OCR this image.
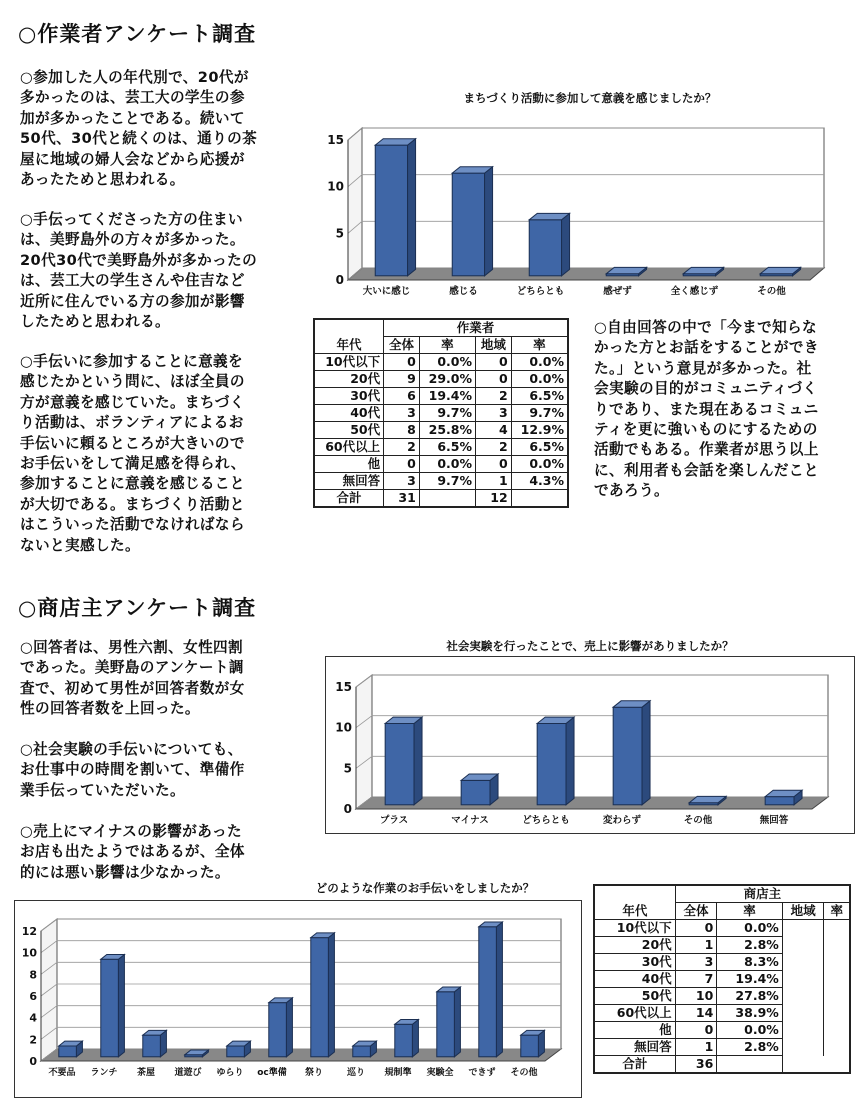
○作業者アンケート調査
○参加した人の年代別で、20代が
多かったのは、芸工大の学生の参
加が多かったことである。続いて
50代、30代と続くのは、通りの茶
屋に地域の婦人会などから応援が
あったためと思われる。
○手伝ってくださった方の住まい
は、美野島外の方々が多かった。
20代30代で美野島外が多かったの
は、芸工大の学生さんや住吉など
近所に住んでいる方の参加が影響
したためと思われる。
○手伝いに参加することに意義を
感じたかという問に、ほぼ全員の
方が意義を感じていた。まちづく
り活動は、ボランティアによるお
手伝いに頼るところが大きいので
お手伝いをして満足感を得られ、
参加することに意義を感じること
が大切である。まちづくり活動と
はこういった活動でなければなら
ないと実感した。
まちづくり活動に参加して意義を感じましたか？
0
5
10
15
大いに感じ	感じる	どちらとも	感ぜず	全く感じず	その他
年代	作業者			
	全体	率	地域	率
10代以下	0	0.0%	0	0.0%
20代	9	29.0%	0	0.0%
30代	6	19.4%	2	6.5%
40代	3	9.7%	3	9.7%
50代	8	25.8%	4	12.9%
60代以上	2	6.5%	2	6.5%
他	0	0.0%	0	0.0%
無回答	3	9.7%	1	4.3%
合計	31		12	
○自由回答の中で「今まで知らな
かった方とお話をすることができ
た。」という意見が多かった。社
会実験の目的がコミュニティづく
りであり、また現在あるコミュニ
ティを更に強いものにするための
活動でもある。作業者が思う以上
に、利用者も会話を楽しんだこと
であろう。
○商店主アンケート調査
○回答者は、男性六割、女性四割
であった。美野島のアンケート調
査で、初めて男性が回答者数が女
性の回答者数を上回った。
○社会実験の手伝いについても、
お仕事中の時間を割いて、準備作
業手伝っていただいた。
○売上にマイナスの影響があった
お店も出たようではあるが、全体
的には悪い影響は少なかった。
社会実験を行ったことで、売上に影響がありましたか？
0
5
10
15
プラス	マイナス	どちらとも	変わらず	その他	無回答
どのような作業のお手伝いをしましたか？
0
2
4
6
8
10
12
不要品 ランチ 茶屋 道遊び ゆらり oc準備 祭り	巡り 規制準 実験全 できず その他
年代	商店主			
	全体	率	地域	率
10代以下	0	0.0%		
20代	1	2.8%		
30代	3	8.3%		
40代	7	19.4%		
50代	10	27.8%		
60代以上	14	38.9%		
他	0	0.0%		
無回答	1	2.8%		
合計	36			
